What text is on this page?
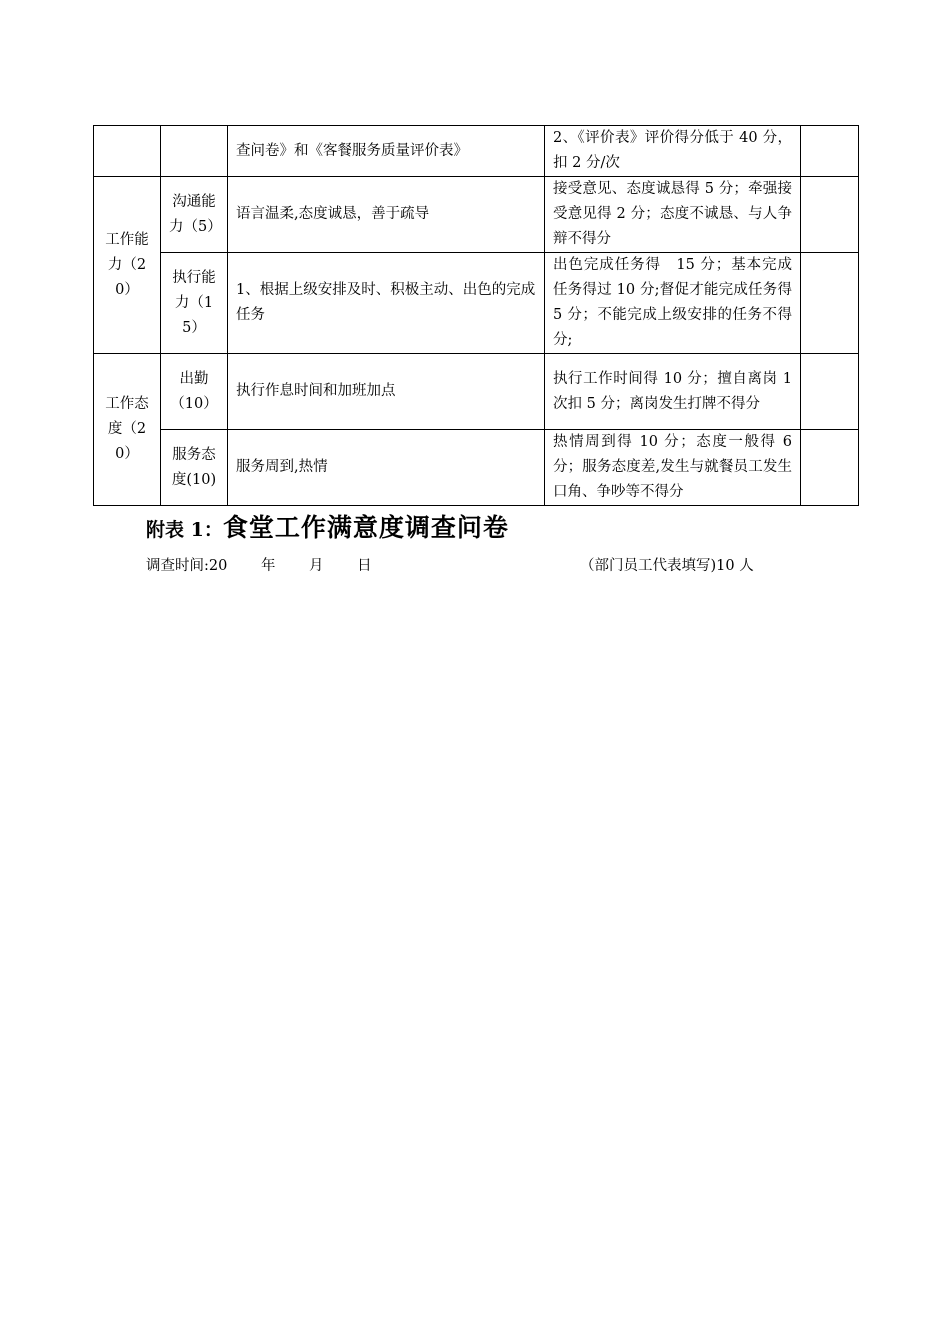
		查问卷》和《客餐服务质量评价表》	2、《评价表》评价得分低于 40 分，扣 2 分/次	
工作能力（20）	沟通能力（5）	语言温柔,态度诚恳，善于疏导	接受意见、态度诚恳得 5 分；牵强接受意见得 2 分；态度不诚恳、与人争辩不得分	
	执行能力（15）	1、根据上级安排及时、积极主动、出色的完成任务	出色完成任务得　15 分；基本完成任务得过 10 分;督促才能完成任务得 5 分；不能完成上级安排的任务不得分;	
工作态度（20）	出勤（10）	执行作息时间和加班加点	执行工作时间得 10 分；擅自离岗 1 次扣 5 分；离岗发生打牌不得分	
	服务态度(10)	服务周到,热情	热情周到得 10 分；态度一般得 6 分；服务态度差,发生与就餐员工发生口角、争吵等不得分	
附表 1：食堂工作满意度调查问卷
调查时间:20　　 年　　 月　　 日	（部门员工代表填写)10 人
